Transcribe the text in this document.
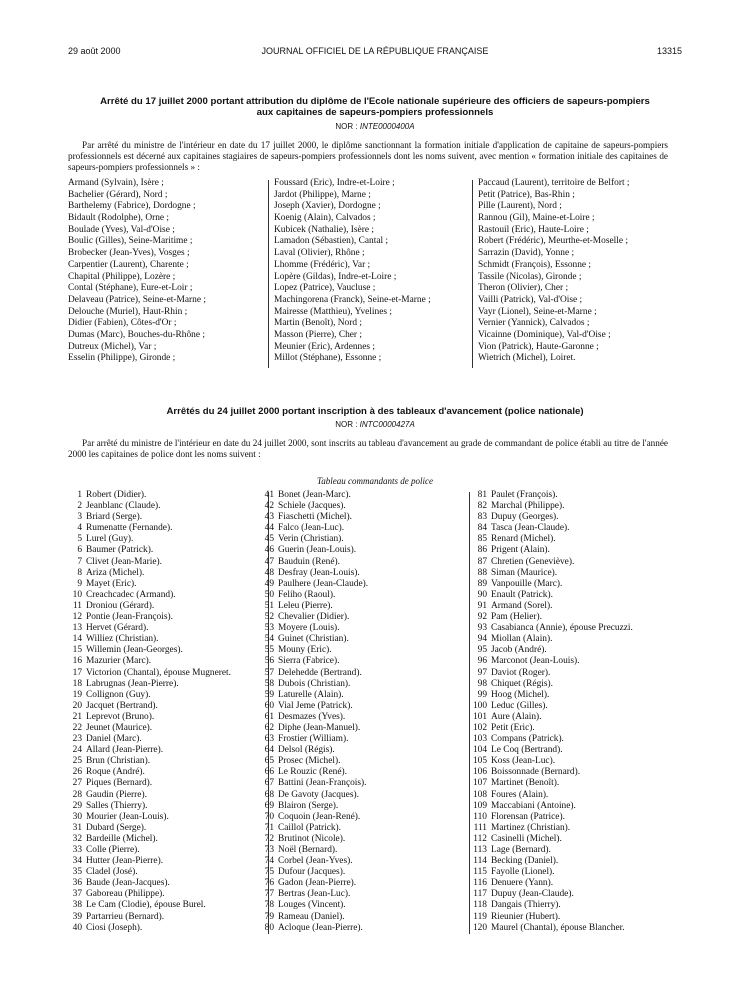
29 août 2000	JOURNAL OFFICIEL DE LA RÉPUBLIQUE FRANÇAISE	13315
Arrêté du 17 juillet 2000 portant attribution du diplôme de l'Ecole nationale supérieure des officiers de sapeurs-pompiers
aux capitaines de sapeurs-pompiers professionnels
NOR : INTE0000400A
Par arrêté du ministre de l'intérieur en date du 17 juillet 2000, le diplôme sanctionnant la formation initiale d'application de capitaine de sapeurs-pompiers professionnels est décerné aux capitaines stagiaires de sapeurs-pompiers professionnels dont les noms suivent, avec mention « formation initiale des capitaines de sapeurs-pompiers professionnels » :
Armand (Sylvain), Isère ;
Bachelier (Gérard), Nord ;
Barthelemy (Fabrice), Dordogne ;
Bidault (Rodolphe), Orne ;
Boulade (Yves), Val-d'Oise ;
Boulic (Gilles), Seine-Maritime ;
Brobecker (Jean-Yves), Vosges ;
Carpentier (Laurent), Charente ;
Chapital (Philippe), Lozère ;
Contal (Stéphane), Eure-et-Loir ;
Delaveau (Patrice), Seine-et-Marne ;
Delouche (Muriel), Haut-Rhin ;
Didier (Fabien), Côtes-d'Or ;
Dumas (Marc), Bouches-du-Rhône ;
Dutreux (Michel), Var ;
Esselin (Philippe), Gironde ;
Foussard (Eric), Indre-et-Loire ;
Jardot (Philippe), Marne ;
Joseph (Xavier), Dordogne ;
Koenig (Alain), Calvados ;
Kubicek (Nathalie), Isère ;
Lamadon (Sébastien), Cantal ;
Laval (Olivier), Rhône ;
Lhomme (Frédéric), Var ;
Lopère (Gildas), Indre-et-Loire ;
Lopez (Patrice), Vaucluse ;
Machingorena (Franck), Seine-et-Marne ;
Mairesse (Matthieu), Yvelines ;
Martin (Benoît), Nord ;
Masson (Pierre), Cher ;
Meunier (Eric), Ardennes ;
Millot (Stéphane), Essonne ;
Paccaud (Laurent), territoire de Belfort ;
Petit (Patrice), Bas-Rhin ;
Pille (Laurent), Nord ;
Rannou (Gil), Maine-et-Loire ;
Rastouil (Eric), Haute-Loire ;
Robert (Frédéric), Meurthe-et-Moselle ;
Sarrazin (David), Yonne ;
Schmidt (François), Essonne ;
Tassile (Nicolas), Gironde ;
Theron (Olivier), Cher ;
Vailli (Patrick), Val-d'Oise ;
Vayr (Lionel), Seine-et-Marne ;
Vernier (Yannick), Calvados ;
Vicainne (Dominique), Val-d'Oise ;
Vion (Patrick), Haute-Garonne ;
Wietrich (Michel), Loiret.
Arrêtés du 24 juillet 2000 portant inscription à des tableaux d'avancement (police nationale)
NOR : INTC0000427A
Par arrêté du ministre de l'intérieur en date du 24 juillet 2000, sont inscrits au tableau d'avancement au grade de commandant de police établi au titre de l'année 2000 les capitaines de police dont les noms suivent :
Tableau commandants de police
1 Robert (Didier).
2 Jeanblanc (Claude).
3 Briard (Serge).
4 Rumenatte (Fernande).
5 Lurel (Guy).
6 Baumer (Patrick).
7 Clivet (Jean-Marie).
8 Ariza (Michel).
9 Mayet (Eric).
10 Creachcadec (Armand).
11 Droniou (Gérard).
12 Pontie (Jean-François).
13 Hervet (Gérard).
14 Williez (Christian).
15 Willemin (Jean-Georges).
16 Mazurier (Marc).
17 Victorion (Chantal), épouse Mugneret.
18 Labrugnas (Jean-Pierre).
19 Collignon (Guy).
20 Jacquet (Bertrand).
21 Leprevot (Bruno).
22 Jeunet (Maurice).
23 Daniel (Marc).
24 Allard (Jean-Pierre).
25 Brun (Christian).
26 Roque (André).
27 Piques (Bernard).
28 Gaudin (Pierre).
29 Salles (Thierry).
30 Mourier (Jean-Louis).
31 Dubard (Serge).
32 Bardeille (Michel).
33 Colle (Pierre).
34 Hutter (Jean-Pierre).
35 Cladel (José).
36 Baude (Jean-Jacques).
37 Gaboreau (Philippe).
38 Le Cam (Clodie), épouse Burel.
39 Partarrieu (Bernard).
40 Ciosi (Joseph).
41 Bonet (Jean-Marc).
42 Schiele (Jacques).
43 Fiaschetti (Michel).
44 Falco (Jean-Luc).
45 Verin (Christian).
46 Guerin (Jean-Louis).
47 Bauduin (René).
48 Desfray (Jean-Louis).
49 Paulhere (Jean-Claude).
50 Feliho (Raoul).
51 Leleu (Pierre).
52 Chevalier (Didier).
53 Moyere (Louis).
54 Guinet (Christian).
55 Mouny (Eric).
56 Sierra (Fabrice).
57 Delehedde (Bertrand).
58 Dubois (Christian).
59 Laturelle (Alain).
60 Vial Jeme (Patrick).
61 Desmazes (Yves).
62 Diphe (Jean-Manuel).
63 Frostier (William).
64 Delsol (Régis).
65 Prosec (Michel).
66 Le Rouzic (René).
67 Battini (Jean-François).
68 De Gavoty (Jacques).
69 Blairon (Serge).
70 Coquoin (Jean-René).
71 Caillol (Patrick).
72 Brutinot (Nicole).
73 Noël (Bernard).
74 Corbel (Jean-Yves).
75 Dufour (Jacques).
76 Gadon (Jean-Pierre).
77 Bertras (Jean-Luc).
78 Louges (Vincent).
79 Rameau (Daniel).
80 Acloque (Jean-Pierre).
81 Paulet (François).
82 Marchal (Philippe).
83 Dupuy (Georges).
84 Tasca (Jean-Claude).
85 Renard (Michel).
86 Prigent (Alain).
87 Chretien (Geneviève).
88 Siman (Maurice).
89 Vanpouille (Marc).
90 Enault (Patrick).
91 Armand (Sorel).
92 Pam (Helier).
93 Casabianca (Annie), épouse Precuzzi.
94 Miollan (Alain).
95 Jacob (André).
96 Marconot (Jean-Louis).
97 Daviot (Roger).
98 Chiquet (Régis).
99 Hoog (Michel).
100 Leduc (Gilles).
101 Aure (Alain).
102 Petit (Eric).
103 Compans (Patrick).
104 Le Coq (Bertrand).
105 Koss (Jean-Luc).
106 Boissonnade (Bernard).
107 Martinet (Benoît).
108 Foures (Alain).
109 Maccabiani (Antoine).
110 Florensan (Patrice).
111 Martinez (Christian).
112 Casinelli (Michel).
113 Lage (Bernard).
114 Becking (Daniel).
115 Fayolle (Lionel).
116 Denuere (Yann).
117 Dupuy (Jean-Claude).
118 Dangais (Thierry).
119 Rieunier (Hubert).
120 Maurel (Chantal), épouse Blancher.
